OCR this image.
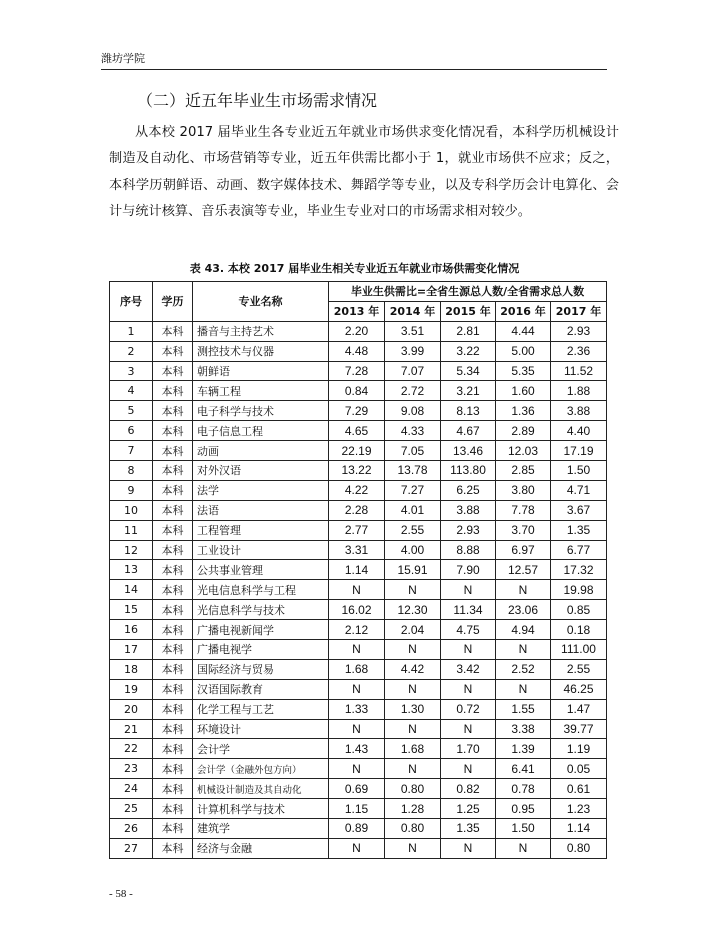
潍坊学院
（二）近五年毕业生市场需求情况

从本校 2017 届毕业生各专业近五年就业市场供求变化情况看，本科学历机械设计制造及自动化、市场营销等专业，近五年供需比都小于 1，就业市场供不应求；反之，本科学历朝鲜语、动画、数字媒体技术、舞蹈学等专业，以及专科学历会计电算化、会计与统计核算、音乐表演等专业，毕业生专业对口的市场需求相对较少。

表 43. 本校 2017 届毕业生相关专业近五年就业市场供需变化情况
序号	学历	专业名称	毕业生供需比=全省生源总人数/全省需求总人数				
			2013 年	2014 年	2015 年	2016 年	2017 年
1	本科	播音与主持艺术	2.20	3.51	2.81	4.44	2.93
2	本科	测控技术与仪器	4.48	3.99	3.22	5.00	2.36
3	本科	朝鲜语	7.28	7.07	5.34	5.35	11.52
4	本科	车辆工程	0.84	2.72	3.21	1.60	1.88
5	本科	电子科学与技术	7.29	9.08	8.13	1.36	3.88
6	本科	电子信息工程	4.65	4.33	4.67	2.89	4.40
7	本科	动画	22.19	7.05	13.46	12.03	17.19
8	本科	对外汉语	13.22	13.78	113.80	2.85	1.50
9	本科	法学	4.22	7.27	6.25	3.80	4.71
10	本科	法语	2.28	4.01	3.88	7.78	3.67
11	本科	工程管理	2.77	2.55	2.93	3.70	1.35
12	本科	工业设计	3.31	4.00	8.88	6.97	6.77
13	本科	公共事业管理	1.14	15.91	7.90	12.57	17.32
14	本科	光电信息科学与工程	N	N	N	N	19.98
15	本科	光信息科学与技术	16.02	12.30	11.34	23.06	0.85
16	本科	广播电视新闻学	2.12	2.04	4.75	4.94	0.18
17	本科	广播电视学	N	N	N	N	111.00
18	本科	国际经济与贸易	1.68	4.42	3.42	2.52	2.55
19	本科	汉语国际教育	N	N	N	N	46.25
20	本科	化学工程与工艺	1.33	1.30	0.72	1.55	1.47
21	本科	环境设计	N	N	N	3.38	39.77
22	本科	会计学	1.43	1.68	1.70	1.39	1.19
23	本科	会计学（金融外包方向）	N	N	N	6.41	0.05
24	本科	机械设计制造及其自动化	0.69	0.80	0.82	0.78	0.61
25	本科	计算机科学与技术	1.15	1.28	1.25	0.95	1.23
26	本科	建筑学	0.89	0.80	1.35	1.50	1.14
27	本科	经济与金融	N	N	N	N	0.80
- 58 -
